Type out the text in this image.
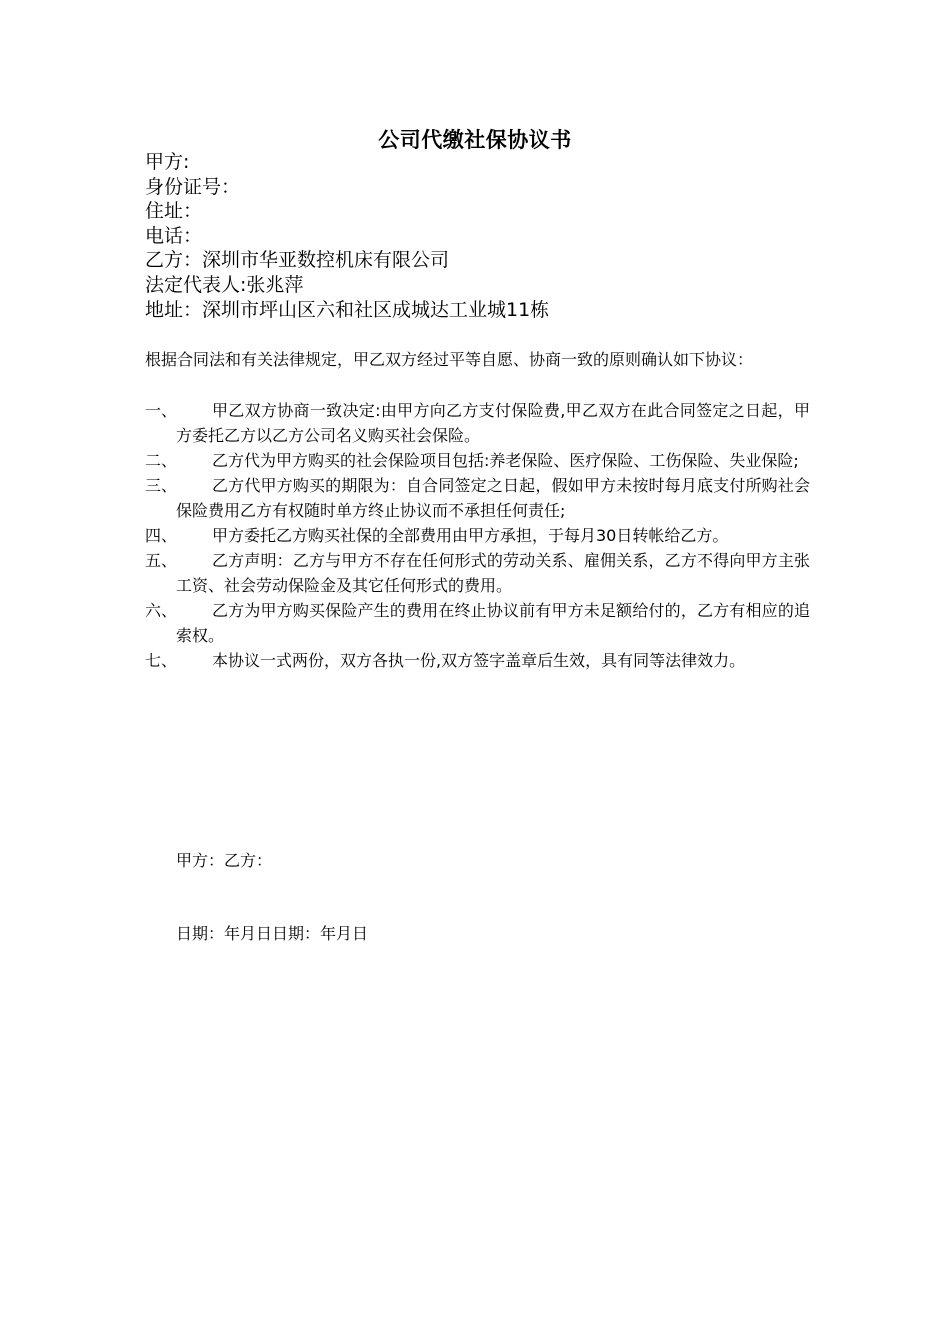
公司代缴社保协议书
甲方:
身份证号：
住址：
电话：
乙方：深圳市华亚数控机床有限公司
法定代表人:张兆萍
地址：深圳市坪山区六和社区成城达工业城11栋
根据合同法和有关法律规定，甲乙双方经过平等自愿、协商一致的原则确认如下协议：
一、	甲乙双方协商一致决定:由甲方向乙方支付保险费,甲乙双方在此合同签定之日起，甲方委托乙方以乙方公司名义购买社会保险。
二、	乙方代为甲方购买的社会保险项目包括:养老保险、医疗保险、工伤保险、失业保险;
三、	乙方代甲方购买的期限为：自合同签定之日起，假如甲方未按时每月底支付所购社会保险费用乙方有权随时单方终止协议而不承担任何责任;
四、	甲方委托乙方购买社保的全部费用由甲方承担，于每月30日转帐给乙方。
五、	乙方声明：乙方与甲方不存在任何形式的劳动关系、雇佣关系，乙方不得向甲方主张工资、社会劳动保险金及其它任何形式的费用。
六、	乙方为甲方购买保险产生的费用在终止协议前有甲方未足额给付的，乙方有相应的追索权。
七、	本协议一式两份，双方各执一份,双方签字盖章后生效，具有同等法律效力。
甲方：乙方：
日期：年月日日期：年月日
